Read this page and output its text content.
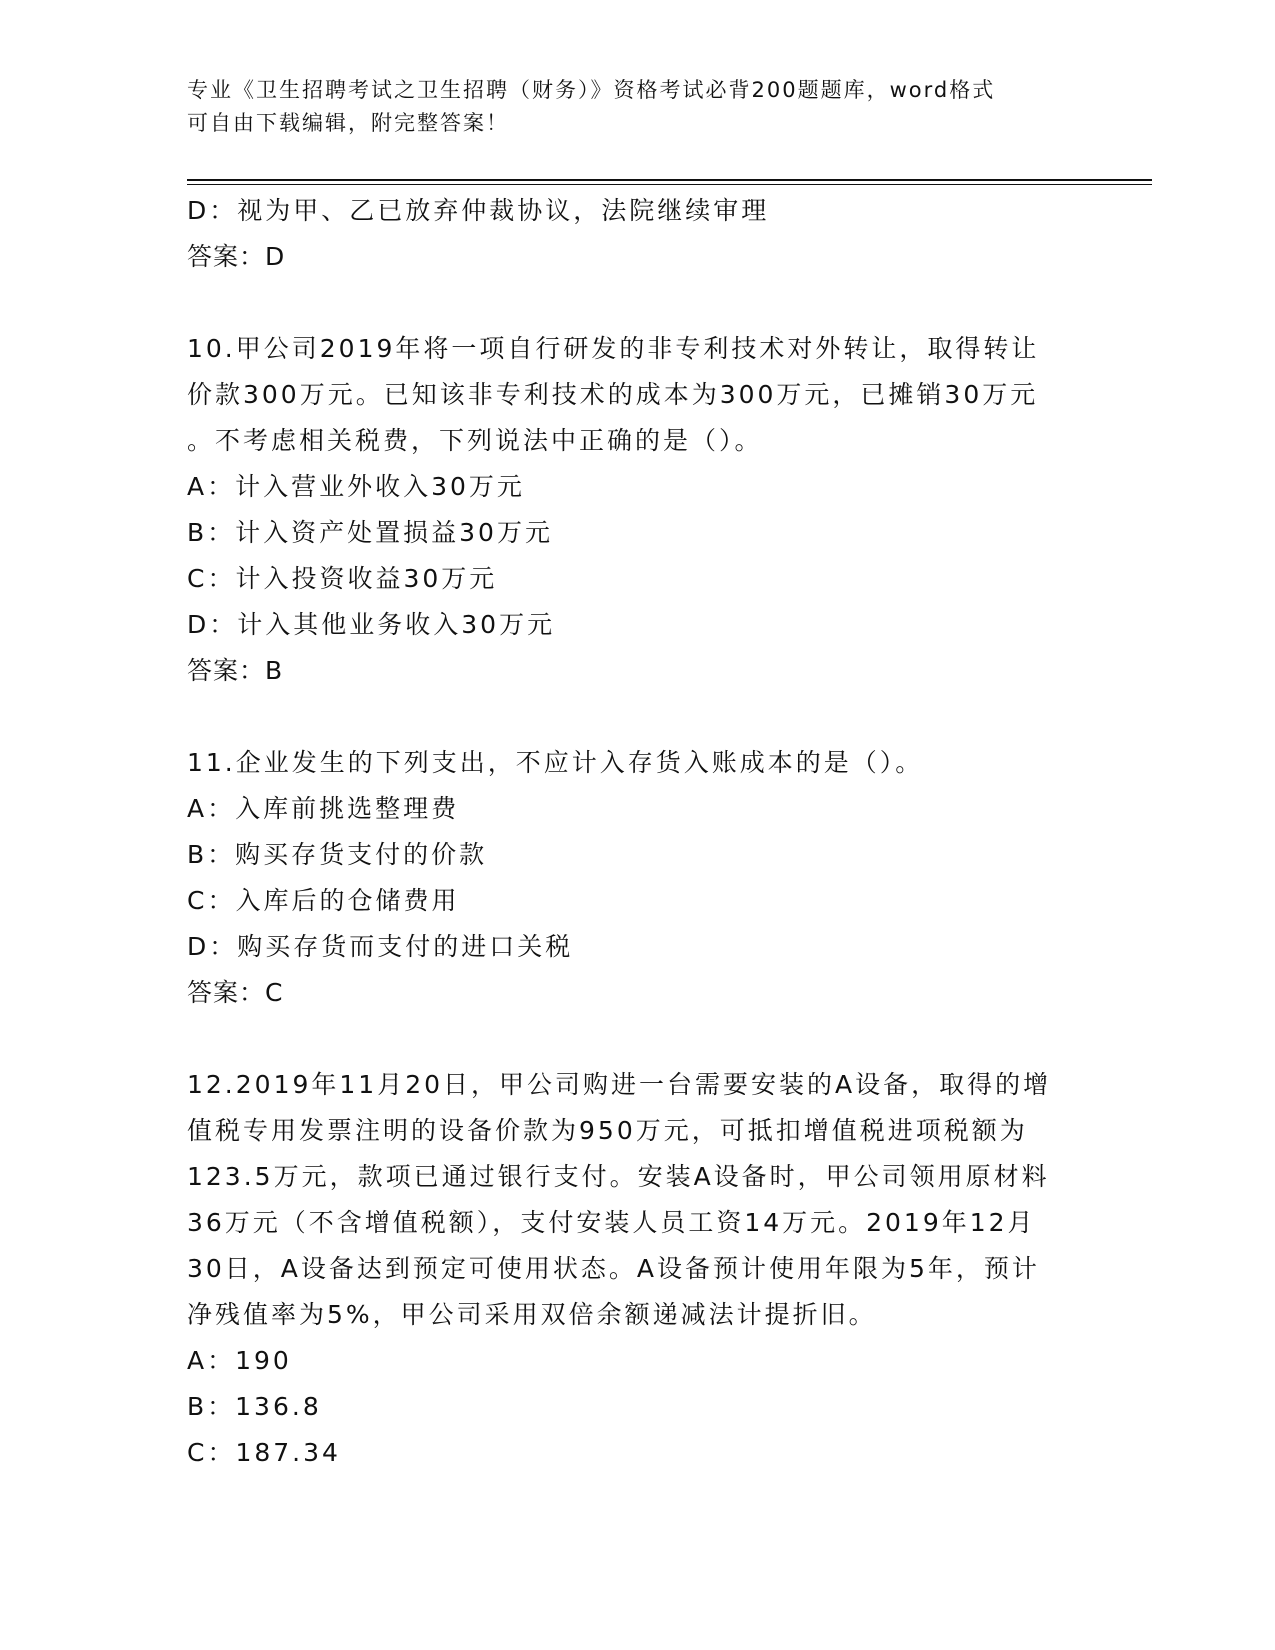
专业《卫生招聘考试之卫生招聘（财务）》资格考试必背200题题库，word格式
可自由下载编辑，附完整答案！
D：视为甲、乙已放弃仲裁协议，法院继续审理
答案：D
10.甲公司2019年将一项自行研发的非专利技术对外转让，取得转让
价款300万元。已知该非专利技术的成本为300万元，已摊销30万元
。不考虑相关税费，下列说法中正确的是（）。
A：计入营业外收入30万元
B：计入资产处置损益30万元
C：计入投资收益30万元
D：计入其他业务收入30万元
答案：B
11.企业发生的下列支出，不应计入存货入账成本的是（）。
A：入库前挑选整理费
B：购买存货支付的价款
C：入库后的仓储费用
D：购买存货而支付的进口关税
答案：C
12.2019年11月20日，甲公司购进一台需要安装的A设备，取得的增
值税专用发票注明的设备价款为950万元，可抵扣增值税进项税额为
123.5万元，款项已通过银行支付。安装A设备时，甲公司领用原材料
36万元（不含增值税额），支付安装人员工资14万元。2019年12月
30日，A设备达到预定可使用状态。A设备预计使用年限为5年，预计
净残值率为5%，甲公司采用双倍余额递减法计提折旧。
A：190
B：136.8
C：187.34
